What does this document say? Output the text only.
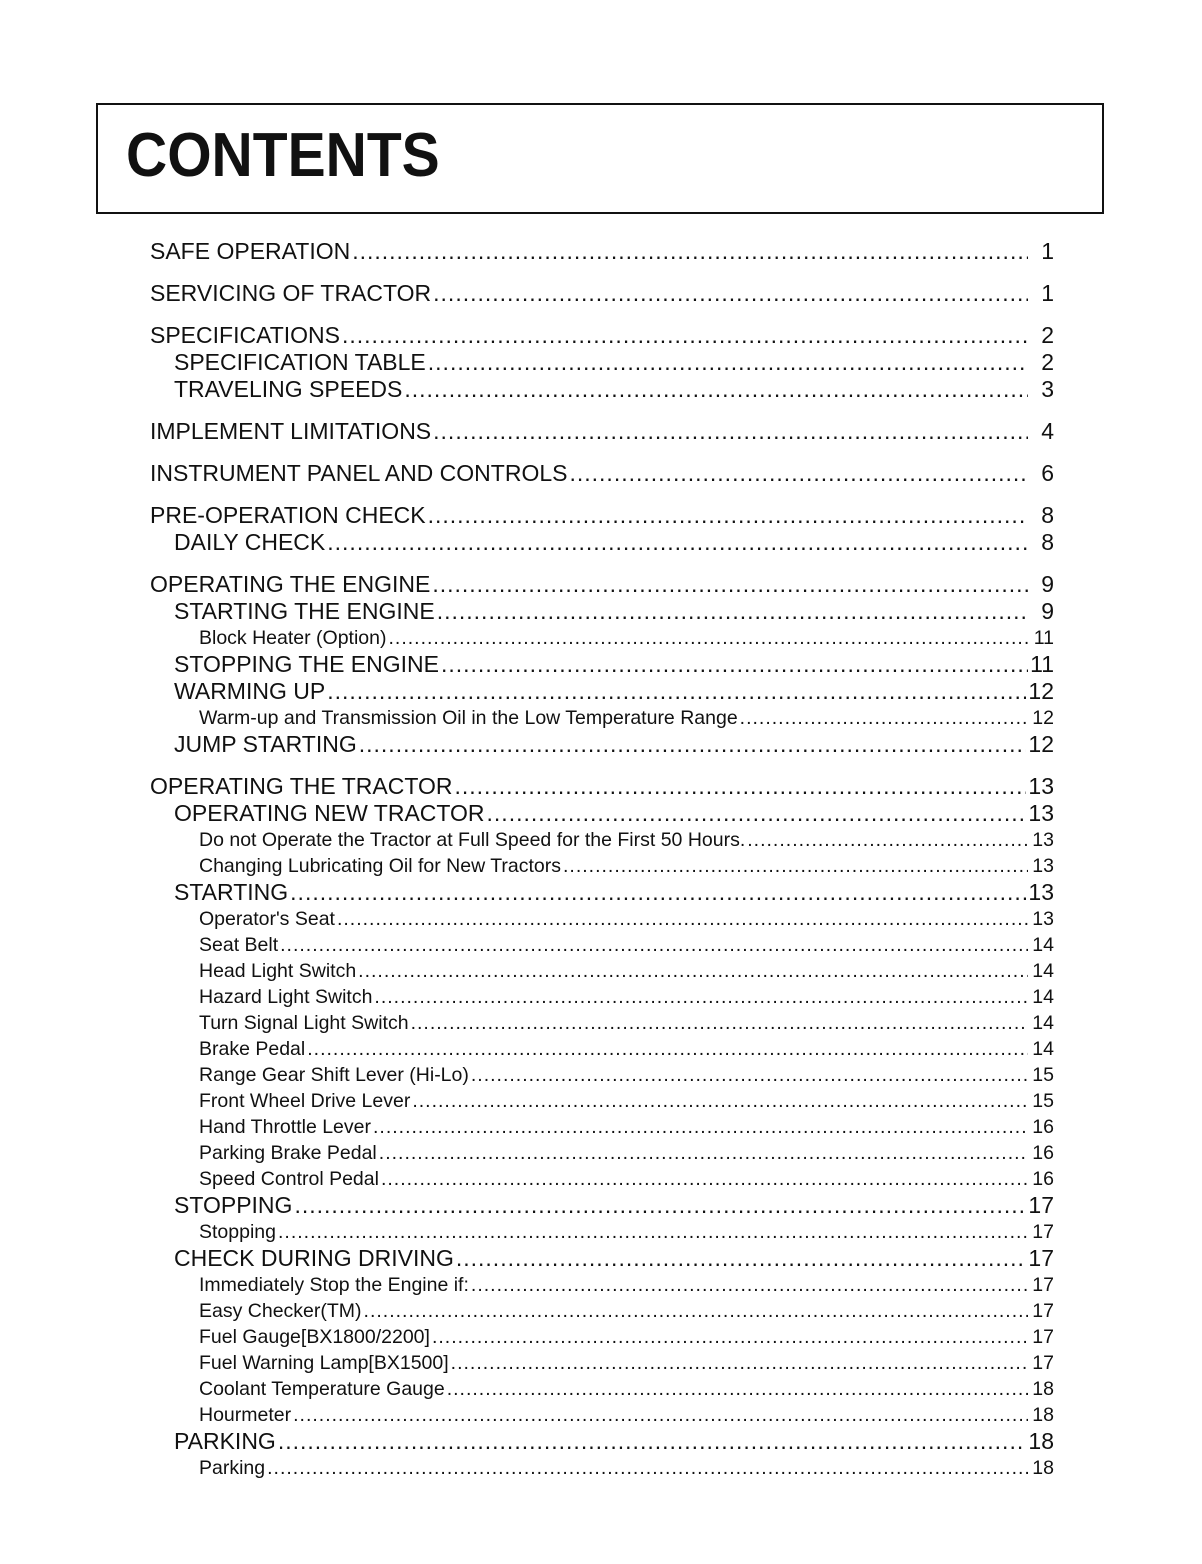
CONTENTS
SAFE OPERATION .....	1
SERVICING OF TRACTOR .....	1
SPECIFICATIONS .....	2
SPECIFICATION TABLE .....	2
TRAVELING SPEEDS .....	3
IMPLEMENT LIMITATIONS .....	4
INSTRUMENT PANEL AND CONTROLS .....	6
PRE-OPERATION CHECK .....	8
DAILY CHECK .....	8
OPERATING THE ENGINE .....	9
STARTING THE ENGINE .....	9
Block Heater (Option) .....	11
STOPPING THE ENGINE .....	11
WARMING UP .....	12
Warm-up and Transmission Oil in the Low Temperature Range .....	12
JUMP STARTING .....	12
OPERATING THE TRACTOR .....	13
OPERATING NEW TRACTOR .....	13
Do not Operate the Tractor at Full Speed for the First 50 Hours. .....	13
Changing Lubricating Oil for New Tractors .....	13
STARTING .....	13
Operator's Seat .....	13
Seat Belt .....	14
Head Light Switch .....	14
Hazard Light Switch .....	14
Turn Signal Light Switch .....	14
Brake Pedal .....	14
Range Gear Shift Lever (Hi-Lo) .....	15
Front Wheel Drive Lever .....	15
Hand Throttle Lever .....	16
Parking Brake Pedal .....	16
Speed Control Pedal .....	16
STOPPING .....	17
Stopping .....	17
CHECK DURING DRIVING .....	17
Immediately Stop the Engine if: .....	17
Easy Checker(TM) .....	17
Fuel Gauge[BX1800/2200] .....	17
Fuel Warning Lamp[BX1500] .....	17
Coolant Temperature Gauge .....	18
Hourmeter .....	18
PARKING .....	18
Parking .....	18
